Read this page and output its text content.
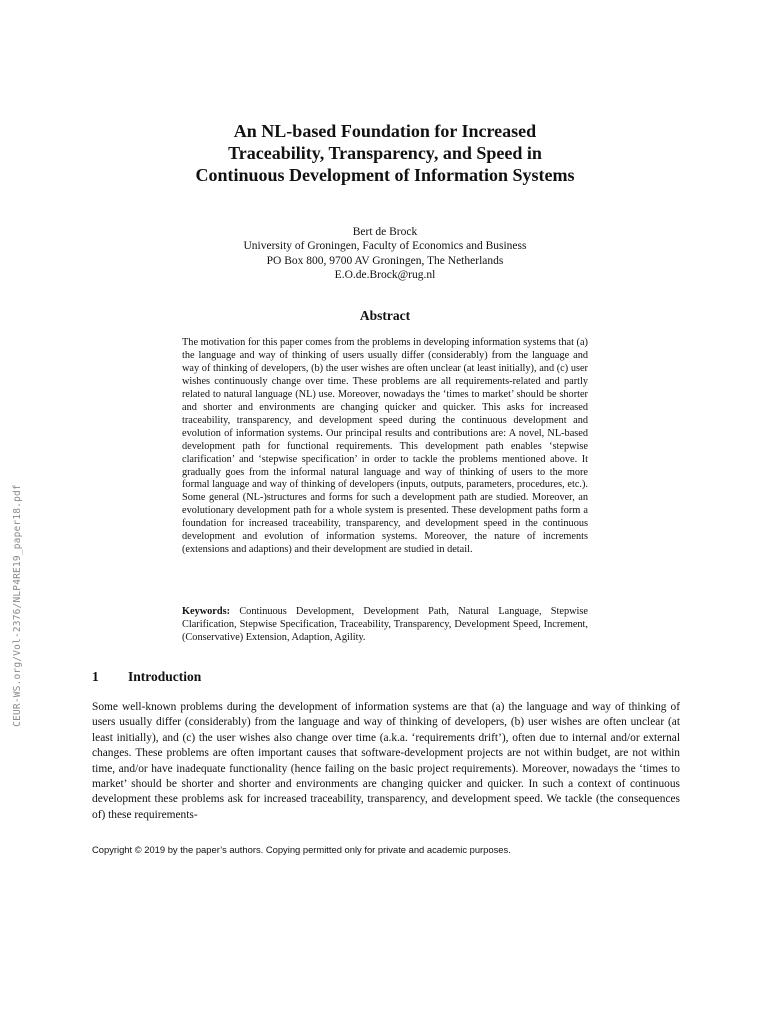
CEUR-WS.org/Vol-2376/NLP4RE19_paper18.pdf
An NL-based Foundation for Increased
Traceability, Transparency, and Speed in
Continuous Development of Information Systems
Bert de Brock
University of Groningen, Faculty of Economics and Business
PO Box 800, 9700 AV Groningen, The Netherlands
E.O.de.Brock@rug.nl
Abstract

The motivation for this paper comes from the problems in developing information systems that (a) the language and way of thinking of users usually differ (considerably) from the language and way of thinking of developers, (b) the user wishes are often unclear (at least initially), and (c) user wishes continuously change over time. These problems are all requirements-related and partly related to natural language (NL) use. Moreover, nowadays the ‘times to market’ should be shorter and shorter and environments are changing quicker and quicker. This asks for increased traceability, transparency, and development speed during the continuous development and evolution of information systems. Our principal results and contributions are: A novel, NL-based development path for functional requirements. This development path enables ‘stepwise clarification’ and ‘stepwise specification’ in order to tackle the problems mentioned above. It gradually goes from the informal natural language and way of thinking of users to the more formal language and way of thinking of developers (inputs, outputs, parameters, procedures, etc.). Some general (NL-)structures and forms for such a development path are studied. Moreover, an evolutionary development path for a whole system is presented. These development paths form a foundation for increased traceability, transparency, and development speed in the continuous development and evolution of information systems. Moreover, the nature of increments (extensions and adaptions) and their development are studied in detail.

Keywords: Continuous Development, Development Path, Natural Language, Stepwise Clarification, Stepwise Specification, Traceability, Transparency, Development Speed, Increment, (Conservative) Extension, Adaption, Agility.

1 Introduction

Some well-known problems during the development of information systems are that (a) the language and way of thinking of users usually differ (considerably) from the language and way of thinking of developers, (b) user wishes are often unclear (at least initially), and (c) the user wishes also change over time (a.k.a. ‘requirements drift’), often due to internal and/or external changes. These problems are often important causes that software-development projects are not within budget, are not within time, and/or have inadequate functionality (hence failing on the basic project requirements). Moreover, nowadays the ‘times to market’ should be shorter and shorter and environments are changing quicker and quicker. In such a context of continuous development these problems ask for increased traceability, transparency, and development speed. We tackle (the consequences of) these requirements-

Copyright © 2019 by the paper’s authors. Copying permitted only for private and academic purposes.
